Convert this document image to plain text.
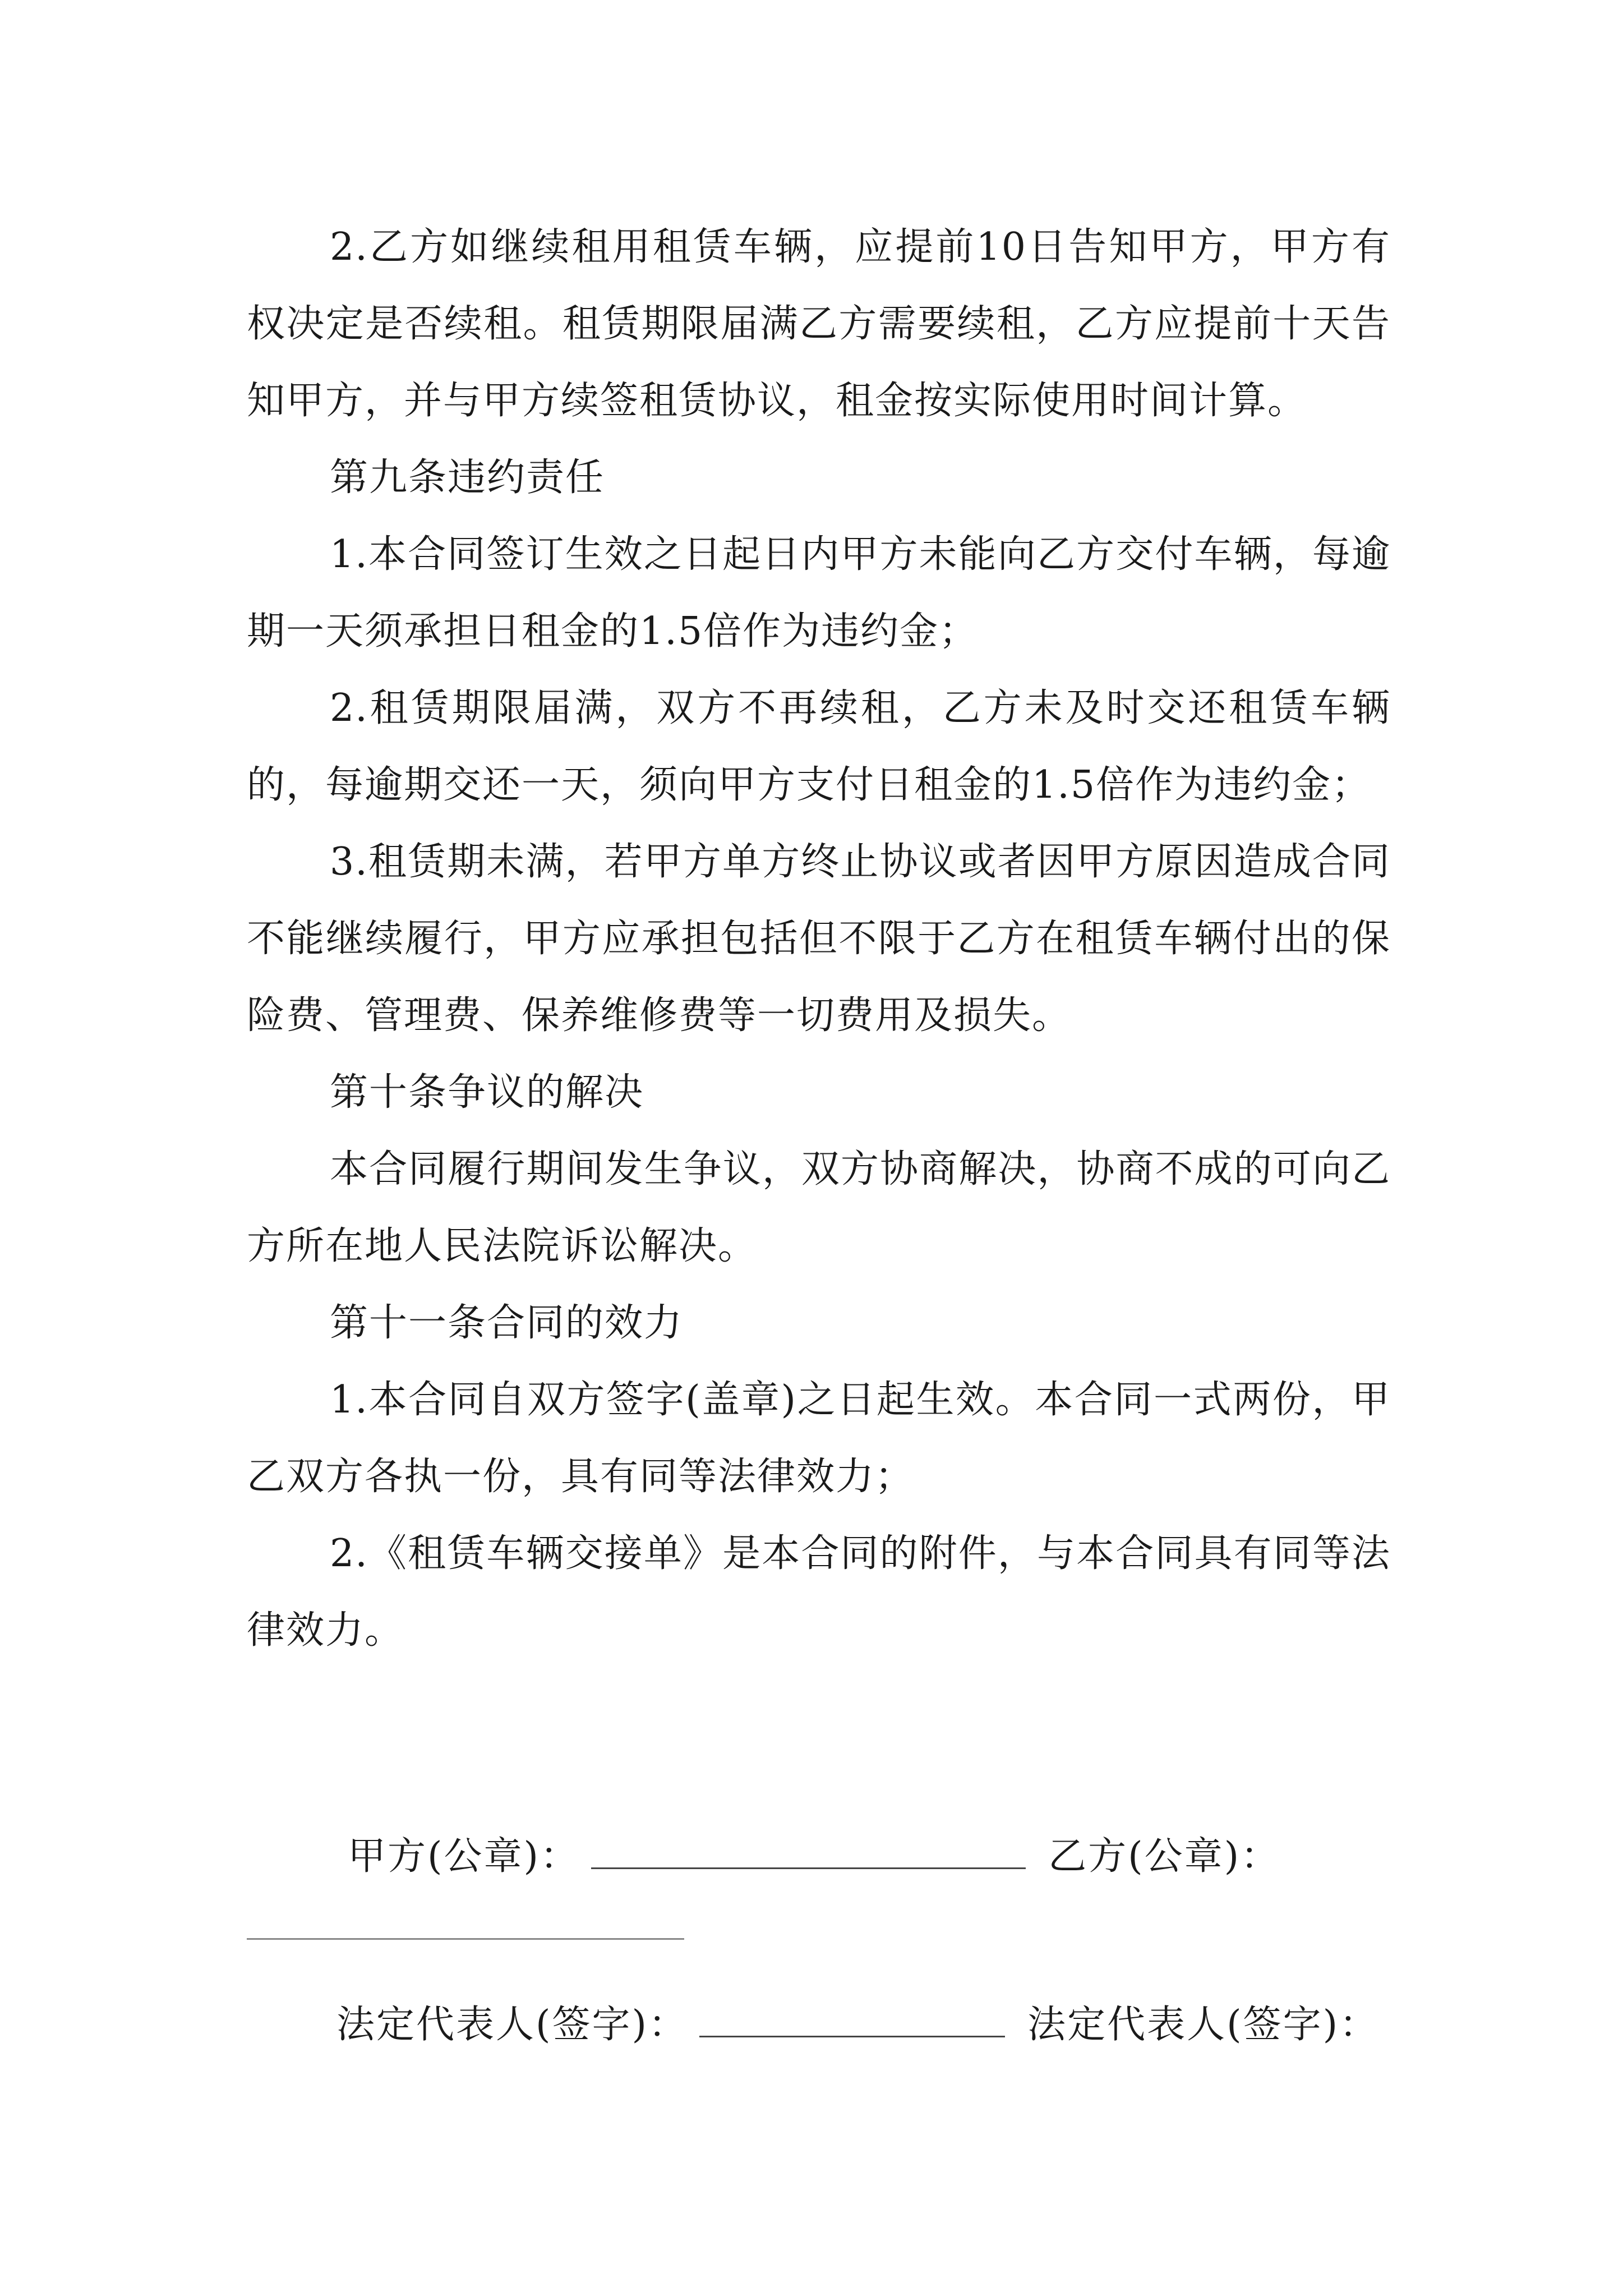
2.乙方如继续租用租赁车辆，应提前10日告知甲方，甲方有权决定是否续租。租赁期限届满乙方需要续租，乙方应提前十天告知甲方，并与甲方续签租赁协议，租金按实际使用时间计算。

第九条违约责任

1.本合同签订生效之日起日内甲方未能向乙方交付车辆，每逾期一天须承担日租金的1.5倍作为违约金；

2.租赁期限届满，双方不再续租，乙方未及时交还租赁车辆的，每逾期交还一天，须向甲方支付日租金的1.5倍作为违约金；

3.租赁期未满，若甲方单方终止协议或者因甲方原因造成合同不能继续履行，甲方应承担包括但不限于乙方在租赁车辆付出的保险费、管理费、保养维修费等一切费用及损失。

第十条争议的解决

本合同履行期间发生争议，双方协商解决，协商不成的可向乙方所在地人民法院诉讼解决。

第十一条合同的效力

1.本合同自双方签字(盖章)之日起生效。本合同一式两份，甲乙双方各执一份，具有同等法律效力；

2.《租赁车辆交接单》是本合同的附件，与本合同具有同等法律效力。

甲方(公章)：	乙方(公章)：
法定代表人(签字)：	法定代表人(签字)：
